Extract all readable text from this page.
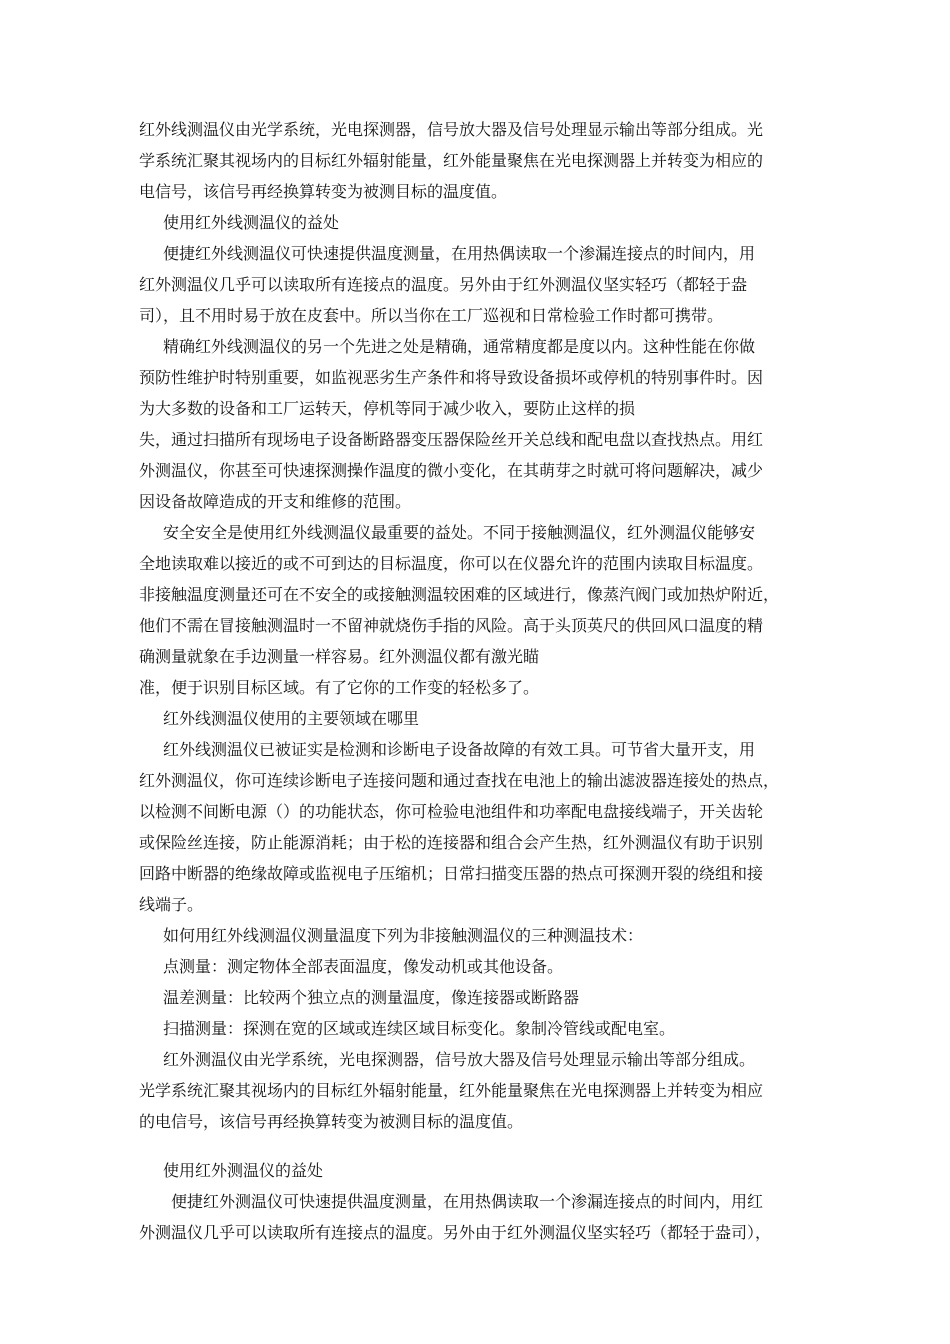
红外线测温仪由光学系统，光电探测器，信号放大器及信号处理显示输出等部分组成。光
学系统汇聚其视场内的目标红外辐射能量，红外能量聚焦在光电探测器上并转变为相应的
电信号，该信号再经换算转变为被测目标的温度值。
使用红外线测温仪的益处
便捷红外线测温仪可快速提供温度测量，在用热偶读取一个渗漏连接点的时间内，用
红外测温仪几乎可以读取所有连接点的温度。另外由于红外测温仪坚实轻巧（都轻于盎
司），且不用时易于放在皮套中。所以当你在工厂巡视和日常检验工作时都可携带。
精确红外线测温仪的另一个先进之处是精确，通常精度都是度以内。这种性能在你做
预防性维护时特别重要，如监视恶劣生产条件和将导致设备损坏或停机的特别事件时。因
为大多数的设备和工厂运转天，停机等同于减少收入，要防止这样的损
失，通过扫描所有现场电子设备断路器变压器保险丝开关总线和配电盘以查找热点。用红
外测温仪，你甚至可快速探测操作温度的微小变化，在其萌芽之时就可将问题解决，减少
因设备故障造成的开支和维修的范围。
安全安全是使用红外线测温仪最重要的益处。不同于接触测温仪，红外测温仪能够安
全地读取难以接近的或不可到达的目标温度，你可以在仪器允许的范围内读取目标温度。
非接触温度测量还可在不安全的或接触测温较困难的区域进行，像蒸汽阀门或加热炉附近，
他们不需在冒接触测温时一不留神就烧伤手指的风险。高于头顶英尺的供回风口温度的精
确测量就象在手边测量一样容易。红外测温仪都有激光瞄
准，便于识别目标区域。有了它你的工作变的轻松多了。
红外线测温仪使用的主要领域在哪里
红外线测温仪已被证实是检测和诊断电子设备故障的有效工具。可节省大量开支，用
红外测温仪，你可连续诊断电子连接问题和通过查找在电池上的输出滤波器连接处的热点，
以检测不间断电源（）的功能状态，你可检验电池组件和功率配电盘接线端子，开关齿轮
或保险丝连接，防止能源消耗；由于松的连接器和组合会产生热，红外测温仪有助于识别
回路中断器的绝缘故障或监视电子压缩机；日常扫描变压器的热点可探测开裂的绕组和接
线端子。
如何用红外线测温仪测量温度下列为非接触测温仪的三种测温技术：
点测量：测定物体全部表面温度，像发动机或其他设备。
温差测量：比较两个独立点的测量温度，像连接器或断路器
扫描测量：探测在宽的区域或连续区域目标变化。象制冷管线或配电室。
红外测温仪由光学系统，光电探测器，信号放大器及信号处理显示输出等部分组成。
光学系统汇聚其视场内的目标红外辐射能量，红外能量聚焦在光电探测器上并转变为相应
的电信号，该信号再经换算转变为被测目标的温度值。
使用红外测温仪的益处
便捷红外测温仪可快速提供温度测量，在用热偶读取一个渗漏连接点的时间内，用红
外测温仪几乎可以读取所有连接点的温度。另外由于红外测温仪坚实轻巧（都轻于盎司），
